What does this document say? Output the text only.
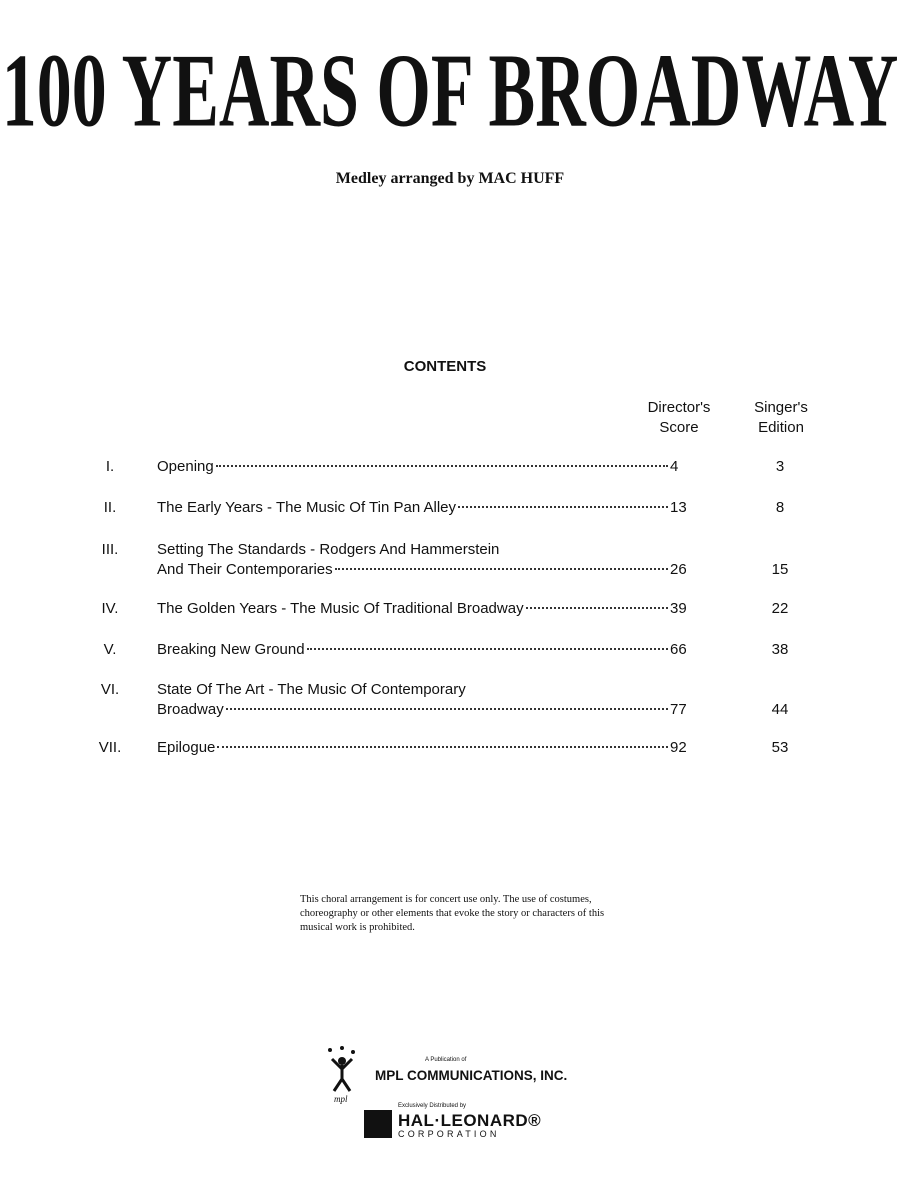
100 YEARS OF BROADWAY
Medley arranged by MAC HUFF
CONTENTS
Director's
Score
Singer's
Edition
I.	Opening	4	3
II.	The Early Years - The Music Of Tin Pan Alley	13	8
III.	Setting The Standards - Rodgers And Hammerstein
And Their Contemporaries	26	15
IV.	The Golden Years - The Music Of Traditional Broadway	39	22
V.	Breaking New Ground	66	38
VI.	State Of The Art - The Music Of Contemporary
Broadway	77	44
VII.	Epilogue	92	53
This choral arrangement is for concert use only. The use of costumes, choreography or other elements that evoke the story or characters of this musical work is prohibited.
mpl
A Publication of
MPL COMMUNICATIONS, INC.
Exclusively Distributed by
HAL·LEONARD®
CORPORATION
